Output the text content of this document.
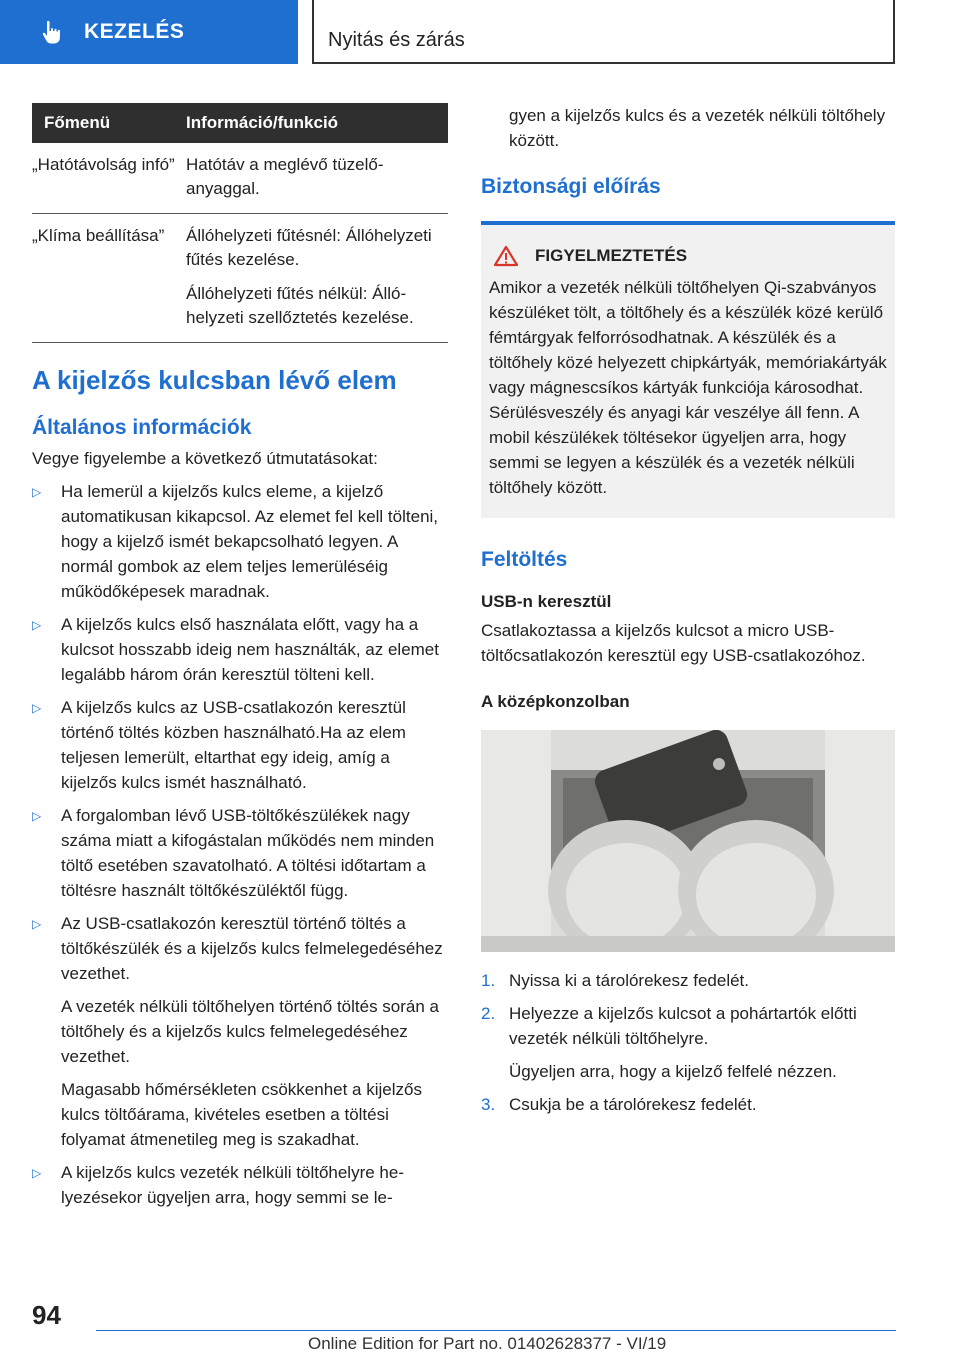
KEZELÉS	Nyitás és zárás
Főmenü	Információ/funkció
„Hatótávolság infó” Hatótáv a meglévő tüzelőanyaggal.

„Klíma beállítása”	Állóhelyzeti fűtésnél: Állóhelyzeti fűtés kezelése.

Állóhelyzeti fűtés nélkül: Állóhelyzeti szellőztetés kezelése.

A kijelzős kulcsban lévő elem
Általános információk
Vegye figyelembe a következő útmutatásokat:
▷	Ha lemerül a kijelzős kulcs eleme, a kijelző automatikusan kikapcsol. Az elemet fel kell tölteni, hogy a kijelző ismét bekapcsolható legyen. A normál gombok az elem teljes lemerüléséig működőképesek maradnak.

▷	A kijelzős kulcs első használata előtt, vagy ha a kulcsot hosszabb ideig nem használták, az elemet legalább három órán keresztül tölteni kell.

▷	A kijelzős kulcs az USB-csatlakozón keresztül történő töltés közben használható.Ha az elem teljesen lemerült, eltarthat egy ideig, amíg a kijelzős kulcs ismét használható.

▷	A forgalomban lévő USB-töltőkészülékek nagy száma miatt a kifogástalan működés nem minden töltő esetében szavatolható. A töltési időtartam a töltésre használt töltőkészüléktől függ.

▷	Az USB-csatlakozón keresztül történő töltés a töltőkészülék és a kijelzős kulcs felmelegedéséhez vezethet.

A vezeték nélküli töltőhelyen történő töltés során a töltőhely és a kijelzős kulcs felmelegedéséhez vezethet.

Magasabb hőmérsékleten csökkenhet a kijelzős kulcs töltőárama, kivételes esetben a töltési folyamat átmenetileg meg is szakadhat.

▷	A kijelzős kulcs vezeték nélküli töltőhelyre helyezésekor ügyeljen arra, hogy semmi se le-

gyen a kijelzős kulcs és a vezeték nélküli töltőhely között.
Biztonsági előírás
FIGYELMEZTETÉS
Amikor a vezeték nélküli töltőhelyen Qi-szabványos készüléket tölt, a töltőhely és a készülék közé kerülő fémtárgyak felforrósodhatnak. A készülék és a töltőhely közé helyezett chipkártyák, memóriakártyák vagy mágnescsíkos kártyák funkciója károsodhat. Sérülésveszély és anyagi kár veszélye áll fenn. A mobil készülékek töltésekor ügyeljen arra, hogy semmi se legyen a készülék és a vezeték nélküli töltőhely között.
Feltöltés
USB-n keresztül
Csatlakoztassa a kijelzős kulcsot a micro USB-töltőcsatlakozón keresztül egy USB-csatlakozóhoz.
A középkonzolban
1. Nyissa ki a tárolórekesz fedelét.

2. Helyezze a kijelzős kulcsot a pohártartók előtti vezeték nélküli töltőhelyre.

Ügyeljen arra, hogy a kijelző felfelé nézzen.

3. Csukja be a tárolórekesz fedelét.

94
Online Edition for Part no. 01402628377 - VI/19
